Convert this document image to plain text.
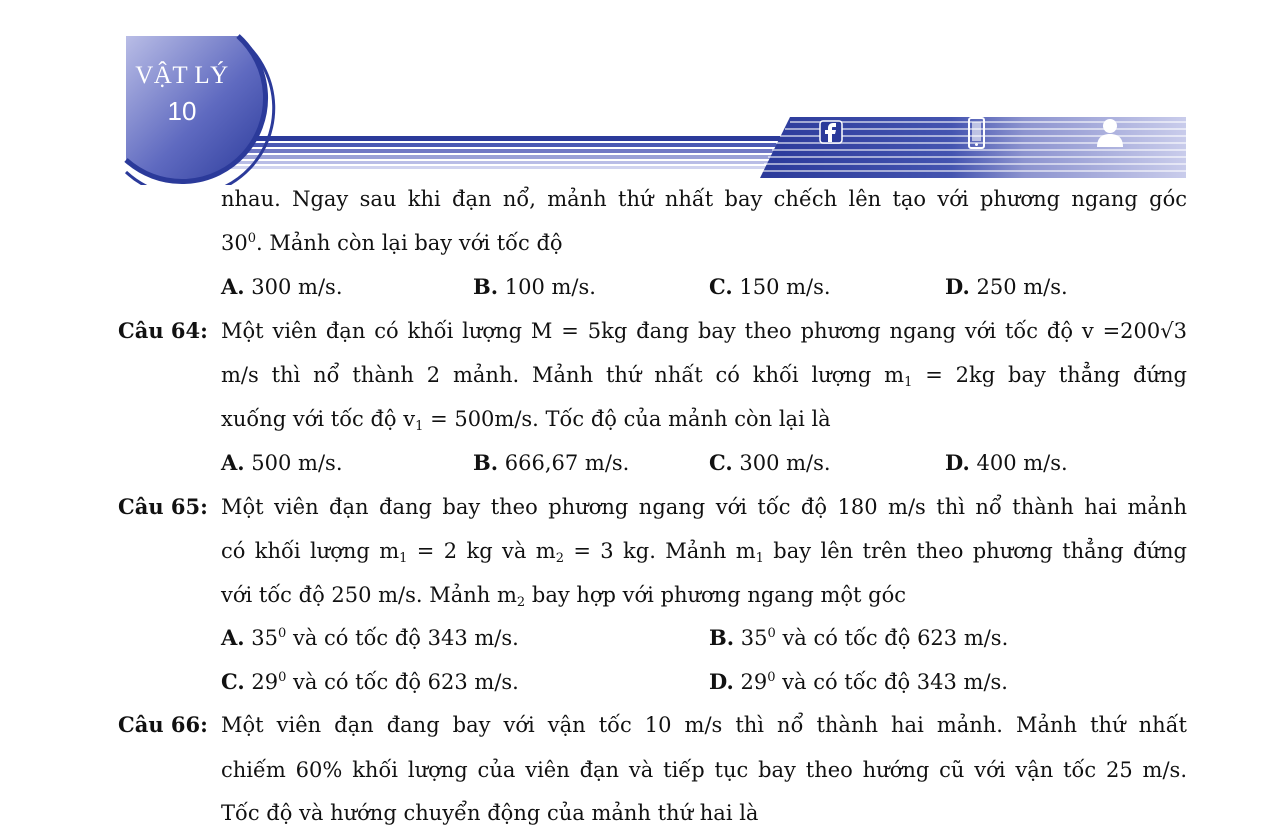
VẬT LÝ
10
nhau. Ngay sau khi đạn nổ, mảnh thứ nhất bay chếch lên tạo với phương ngang góc
$30^0$. Mảnh còn lại bay với tốc độ
A. 300 m/s.	B. 100 m/s.	C. 150 m/s.	D. 250 m/s.
Câu 64: Một viên đạn có khối lượng M = 5kg đang bay theo phương ngang với tốc độ v =200√3
m/s thì nổ thành 2 mảnh. Mảnh thứ nhất có khối lượng $m_1 = 2kg$ bay thẳng đứng
xuống với tốc độ $v_1 = 500m/s$. Tốc độ của mảnh còn lại là
A. 500 m/s.	B. 666,67 m/s.	C. 300 m/s.	D. 400 m/s.
Câu 65: Một viên đạn đang bay theo phương ngang với tốc độ 180 m/s thì nổ thành hai mảnh
có khối lượng $m_1 = 2$ kg và $m_2 = 3$ kg. Mảnh $m_1$ bay lên trên theo phương thẳng đứng
với tốc độ 250 m/s. Mảnh $m_2$ bay hợp với phương ngang một góc
A. $35^0$ và có tốc độ 343 m/s.	B. $35^0$ và có tốc độ 623 m/s.
C. $29^0$ và có tốc độ 623 m/s.	D. $29^0$ và có tốc độ 343 m/s.
Câu 66: Một viên đạn đang bay với vận tốc 10 m/s thì nổ thành hai mảnh. Mảnh thứ nhất
chiếm 60% khối lượng của viên đạn và tiếp tục bay theo hướng cũ với vận tốc 25 m/s.
Tốc độ và hướng chuyển động của mảnh thứ hai là
